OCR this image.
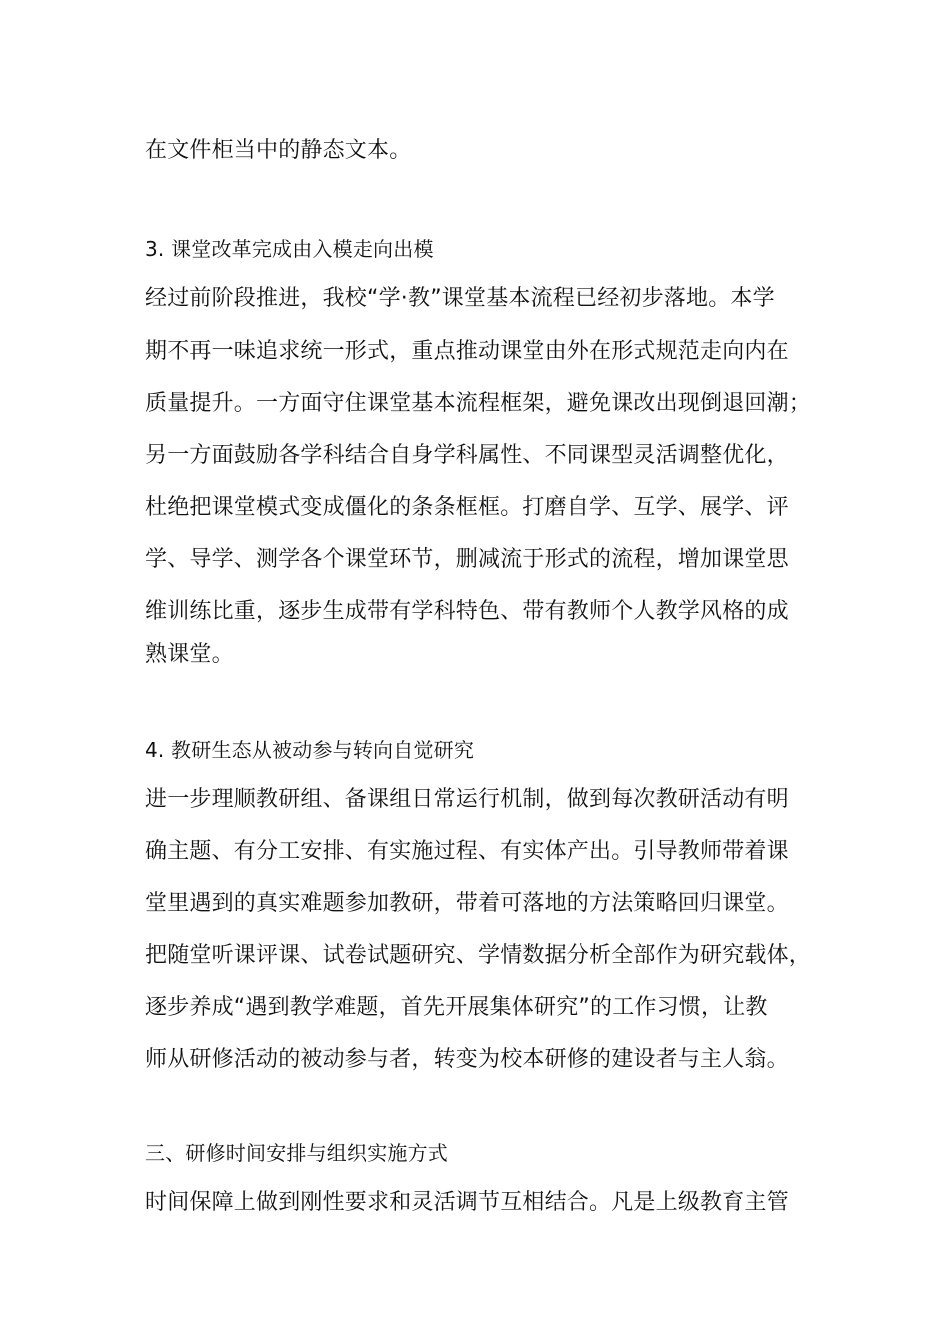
在文件柜当中的静态文本。
3. 课堂改革完成由入模走向出模
经过前阶段推进，我校“学·教”课堂基本流程已经初步落地。本学
期不再一味追求统一形式，重点推动课堂由外在形式规范走向内在
质量提升。一方面守住课堂基本流程框架，避免课改出现倒退回潮；
另一方面鼓励各学科结合自身学科属性、不同课型灵活调整优化，
杜绝把课堂模式变成僵化的条条框框。打磨自学、互学、展学、评
学、导学、测学各个课堂环节，删减流于形式的流程，增加课堂思
维训练比重，逐步生成带有学科特色、带有教师个人教学风格的成
熟课堂。
4. 教研生态从被动参与转向自觉研究
进一步理顺教研组、备课组日常运行机制，做到每次教研活动有明
确主题、有分工安排、有实施过程、有实体产出。引导教师带着课
堂里遇到的真实难题参加教研，带着可落地的方法策略回归课堂。
把随堂听课评课、试卷试题研究、学情数据分析全部作为研究载体，
逐步养成“遇到教学难题，首先开展集体研究”的工作习惯，让教
师从研修活动的被动参与者，转变为校本研修的建设者与主人翁。
三、研修时间安排与组织实施方式
时间保障上做到刚性要求和灵活调节互相结合。凡是上级教育主管
